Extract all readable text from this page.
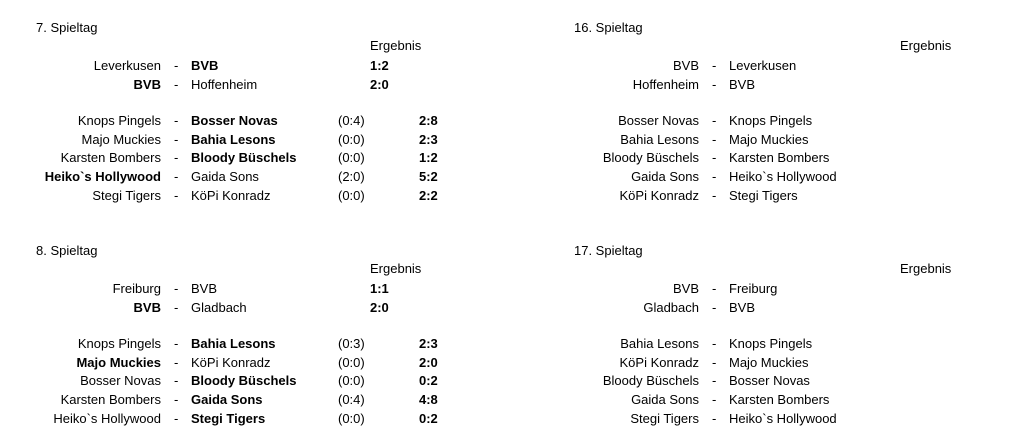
7. Spieltag
Ergebnis
Leverkusen - BVB	1:2
BVB - Hoffenheim	2:0
Knops Pingels - Bosser Novas	(0:4)	2:8
Majo Muckies - Bahia Lesons	(0:0)	2:3
Karsten Bombers - Bloody Büschels	(0:0)	1:2
Heiko`s Hollywood - Gaida Sons	(2:0)	5:2
Stegi Tigers - KöPi Konradz	(0:0)	2:2
16. Spieltag
Ergebnis
BVB - Leverkusen
Hoffenheim - BVB
Bosser Novas - Knops Pingels
Bahia Lesons - Majo Muckies
Bloody Büschels - Karsten Bombers
Gaida Sons - Heiko`s Hollywood
KöPi Konradz - Stegi Tigers
8. Spieltag
Ergebnis
Freiburg - BVB	1:1
BVB - Gladbach	2:0
Knops Pingels - Bahia Lesons	(0:3)	2:3
Majo Muckies - KöPi Konradz	(0:0)	2:0
Bosser Novas - Bloody Büschels	(0:0)	0:2
Karsten Bombers - Gaida Sons	(0:4)	4:8
Heiko`s Hollywood - Stegi Tigers	(0:0)	0:2
17. Spieltag
Ergebnis
BVB - Freiburg
Gladbach - BVB
Bahia Lesons - Knops Pingels
KöPi Konradz - Majo Muckies
Bloody Büschels - Bosser Novas
Gaida Sons - Karsten Bombers
Stegi Tigers - Heiko`s Hollywood
